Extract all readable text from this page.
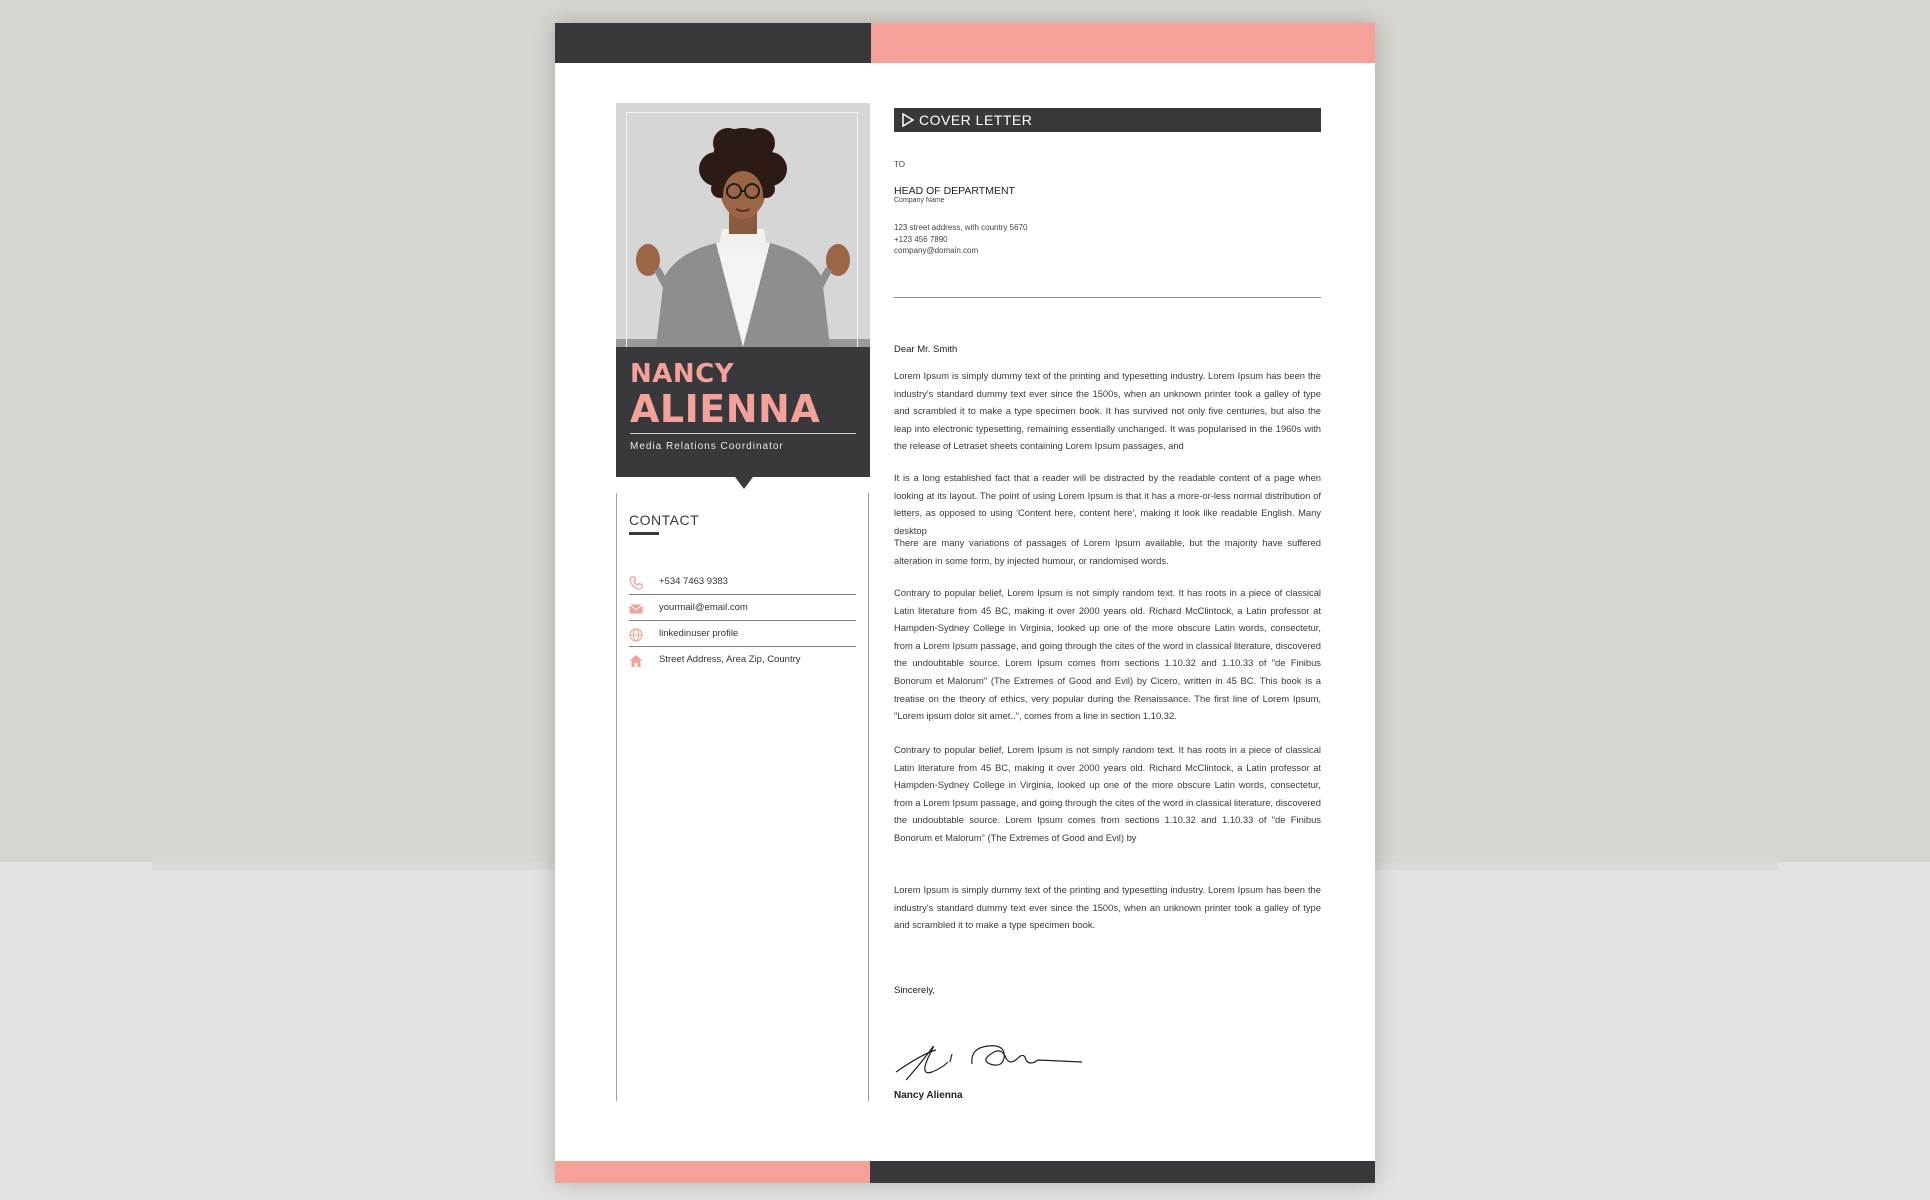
NANCY
ALIENNA
Media Relations Coordinator
CONTACT
+534 7463 9383
yourmail@email.com
linkedinuser profile
Street Address, Area Zip, Country
COVER LETTER
TO
HEAD OF DEPARTMENT
Company Name
123 street address, with country 5670
+123 456 7890
company@domain.com
Dear Mr. Smith

Lorem Ipsum is simply dummy text of the printing and typesetting industry. Lorem Ipsum has been the industry's standard dummy text ever since the 1500s, when an unknown printer took a galley of type and scrambled it to make a type specimen book. It has survived not only five centuries, but also the leap into electronic typesetting, remaining essentially unchanged. It was popularised in the 1960s with the release of Letraset sheets containing Lorem Ipsum passages, and

It is a long established fact that a reader will be distracted by the readable content of a page when looking at its layout. The point of using Lorem Ipsum is that it has a more-or-less normal distribution of letters, as opposed to using 'Content here, content here', making it look like readable English. Many desktop

There are many variations of passages of Lorem Ipsum available, but the majority have suffered alteration in some form, by injected humour, or randomised words.

Contrary to popular belief, Lorem Ipsum is not simply random text. It has roots in a piece of classical Latin literature from 45 BC, making it over 2000 years old. Richard McClintock, a Latin professor at Hampden-Sydney College in Virginia, looked up one of the more obscure Latin words, consectetur, from a Lorem Ipsum passage, and going through the cites of the word in classical literature, discovered the undoubtable source. Lorem Ipsum comes from sections 1.10.32 and 1.10.33 of "de Finibus Bonorum et Malorum" (The Extremes of Good and Evil) by Cicero, written in 45 BC. This book is a treatise on the theory of ethics, very popular during the Renaissance. The first line of Lorem Ipsum, "Lorem ipsum dolor sit amet..", comes from a line in section 1.10.32.

Contrary to popular belief, Lorem Ipsum is not simply random text. It has roots in a piece of classical Latin literature from 45 BC, making it over 2000 years old. Richard McClintock, a Latin professor at Hampden-Sydney College in Virginia, looked up one of the more obscure Latin words, consectetur, from a Lorem Ipsum passage, and going through the cites of the word in classical literature, discovered the undoubtable source. Lorem Ipsum comes from sections 1.10.32 and 1.10.33 of "de Finibus Bonorum et Malorum" (The Extremes of Good and Evil) by

Lorem Ipsum is simply dummy text of the printing and typesetting industry. Lorem Ipsum has been the industry's standard dummy text ever since the 1500s, when an unknown printer took a galley of type and scrambled it to make a type specimen book.

Sincerely,
Nancy Alienna
